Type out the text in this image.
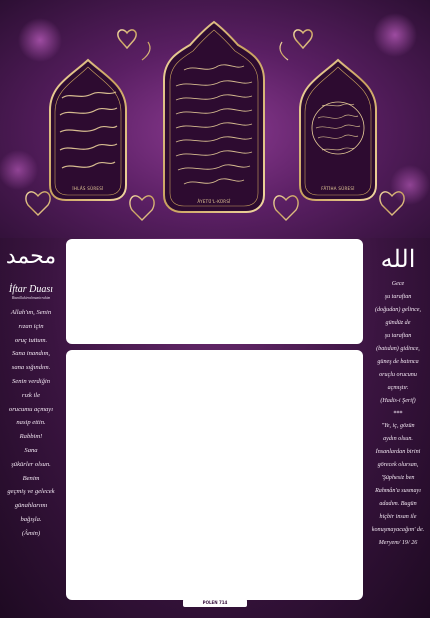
İHLÂS SÛRESİ
ÂYETÜ'L-KÜRSÎ
FÂTİHA SÛRESİ
محمد
İftar Duası
Bismillahirrahmanirrahim
Allah'ım, Senin
rızan için
oruç tuttum.
Sana inandım,
sana sığındım.
Senin verdiğin
rızk ile
orucumu açmayı
nasip ettin.
Rabbim!
Sana
şükürler olsun.
Benim
geçmiş ve gelecek
günahlarımı
bağışla.
(Âmin)
الله
Gece
şu taraftan
(doğudan) gelince,
gündüz de
şu taraftan
(batıdan) gidince,
güneş de batınca
oruçlu orucunu
açmıştır.
(Hadis-i Şerif)
***
"Ye, iç, gözün
aydın olsun.
İnsanlardan birini
görecek olursan,
'Şüphesiz ben
Rahmân'a susmayı
adadım. Bugün
hiçbir insan ile
konuşmayacağım' de.
Meryem/ 19/ 26
POLEN 714
